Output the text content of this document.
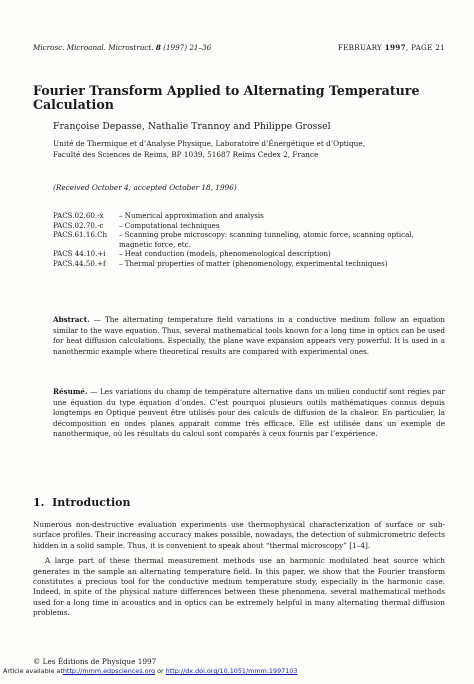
Microsc. Microanal. Microstruct. 8 (1997) 21–36	FEBRUARY 1997, PAGE 21
Fourier Transform Applied to Alternating Temperature Calculation
Françoise Depasse, Nathalie Trannoy and Philippe Grossel
Unité de Thermique et d’Analyse Physique, Laboratoire d’Énergétique et d’Optique,
Faculté des Sciences de Reims, BP 1039, 51687 Reims Cedex 2, France
(Received October 4; accepted October 18, 1996)
PACS.02.60.-x	– Numerical approximation and analysis
PACS.02.70.-c	– Computational techniques
PACS.61.16.Ch	– Scanning probe microscopy: scanning tunneling, atomic force, scanning optical, magnetic force, etc.
PACS 44.10.+i	– Heat conduction (models, phenomenological description)
PACS.44.50.+f	– Thermal properties of matter (phenomenology, experimental techniques)
Abstract. — The alternating temperature field variations in a conductive medium follow an equation similar to the wave equation. Thus, several mathematical tools known for a long time in optics can be used for heat diffusion calculations. Especially, the plane wave expansion appears very powerful. It is used in a nanothermic example where theoretical results are compared with experimental ones.
Résumé. — Les variations du champ de température alternative dans un milieu conductif sont régies par une équation du type équation d’ondes. C’est pourquoi plusieurs outils mathématiques connus depuis longtemps en Optique peuvent être utilisés pour des calculs de diffusion de la chaleur. En particulier, la décomposition en ondes planes apparait comme très efficace. Elle est utilisée dans un exemple de nanothermique, où les résultats du calcul sont comparés à ceux fournis par l’expérience.
1. Introduction

Numerous non-destructive evaluation experiments use thermophysical characterization of surface or sub-surface profiles. Their increasing accuracy makes possible, nowadays, the detection of submicrometric defects hidden in a solid sample. Thus, it is convenient to speak about “thermal microscopy” [1–4].

A large part of these thermal measurement methods use an harmonic modulated heat source which generates in the sample an alternating temperature field. In this paper, we show that the Fourier transform constitutes a precious tool for the conductive medium temperature study, especially in the harmonic case. Indeed, in spite of the physical nature differences between these phenomena, several mathematical methods used for a long time in acoustics and in optics can be extremely helpful in many alternating thermal diffusion problems.

© Les Éditions de Physique 1997
Article available athttp://mmm.edpsciences.org or http://dx.doi.org/10.1051/mmm:1997103
